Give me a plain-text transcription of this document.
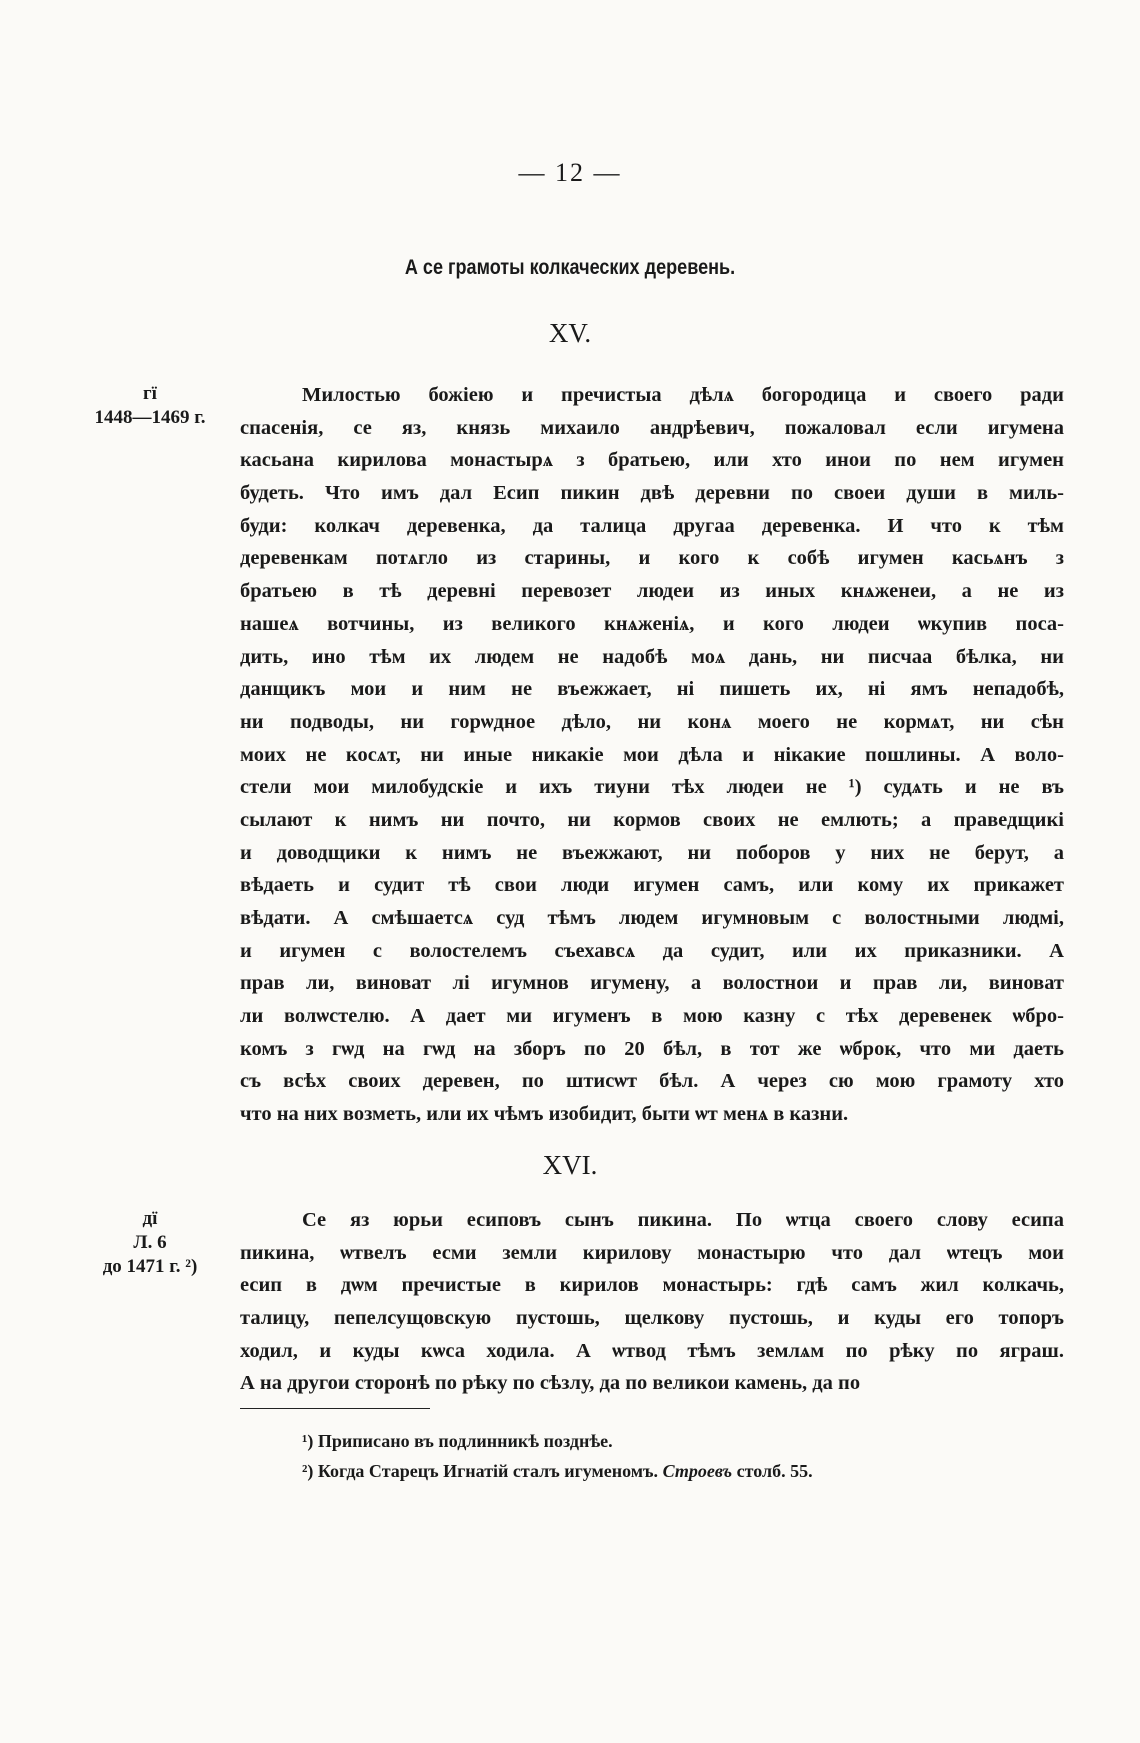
— 12 —
А се грамоты колкаческих деревень.
XV.
гї
1448—1469 г.
Милостью божіею и пречистыа дѣлѧ богородица и своего ради
спасенія, се яз, князь михаило андрѣевич, пожаловал если игумена
касьана кирилова монастырѧ з братьею, или хто инои по нем игумен
будеть. Что имъ дал Есип пикин двѣ деревни по своеи души в миль-
буди: колкач деревенка, да талица другаа деревенка. И что к тѣм
деревенкам потѧгло из старины, и кого к собѣ игумен касьѧнъ з
братьею в тѣ деревні перевозет людеи из иных кнѧженеи, а не из
нашеѧ вотчины, из великого кнѧженіѧ, и кого людеи ѡкупив поса-
дить, ино тѣм их людем не надобѣ моѧ дань, ни писчаа бѣлка, ни
данщикъ мои и ним не въежжает, ні пишеть их, ні ямъ непадобѣ,
ни подводы, ни горѡдное дѣло, ни конѧ моего не кормѧт, ни сѣн
моих не косѧт, ни иные никакіе мои дѣла и нікакие пошлины. А воло-
стели мои милобудскіе и ихъ тиуни тѣх людеи не ¹) судѧть и не въ
сылают к нимъ ни почто, ни кормов своих не емлють; а праведщикі
и доводщики к нимъ не въежжают, ни поборов у них не берут, а
вѣдаеть и судит тѣ свои люди игумен самъ, или кому их прикажет
вѣдати. А смѣшаетсѧ суд тѣмъ людем игумновым с волостными людмі,
и игумен с волостелемъ съехавсѧ да судит, или их приказники. А
прав ли, виноват лі игумнов игумену, а волостнои и прав ли, виноват
ли волѡстелю. А дает ми игуменъ в мою казну с тѣх деревенек ѡбро-
комъ з гѡд на гѡд на зборъ по 20 бѣл, в тот же ѡброк, что ми даеть
съ всѣх своих деревен, по штисѡт бѣл. А через сю мою грамоту хто
что на них возметь, или их чѣмъ изобидит, быти ѡт менѧ в казни.
XVI.
дї
Л. 6
до 1471 г. ²)
Се яз юрьи есиповъ сынъ пикина. По ѡтца своего слову есипа
пикина, ѡтвелъ есми земли кирилову монастырю что дал ѡтецъ мои
есип в дѡм пречистые в кирилов монастырь: гдѣ самъ жил колкачь,
талицу, пепелсущовскую пустошь, щелкову пустошь, и куды его топоръ
ходил, и куды кѡса ходила. А ѡтвод тѣмъ землѧм по рѣку по яграш.
А на другои сторонѣ по рѣку по сѣзлу, да по великои камень, да по
¹) Приписано въ подлинникѣ позднѣе.
²) Когда Старецъ Игнатій сталъ игуменомъ. Строевъ столб. 55.
